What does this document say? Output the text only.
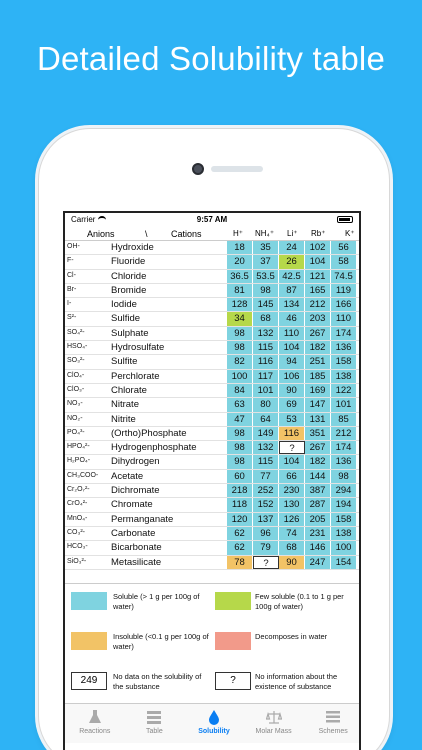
Detailed Solubility table
Carrier	9:57 AM
Anions	\	Cations	H⁺ NH₄⁺ Li⁺ Rb⁺ K⁺
OH-	Hydroxide	18	35	24	102	56
F-	Fluoride	20	37	26	104	58
Cl-	Chloride	36.5 53.5 42.5 121 74.5
Br-	Bromide	81	98	87	165	119
I-	Iodide	128	145	134	212	166
S²-	Sulfide	34	68	46	203	110
SO₄²-	Sulphate	98	132	110	267	174
HSO₄- Hydrosulfate	98	115	104	182	136
SO₃²-	Sulfite	82	116	94	251	158
ClO₄-	Perchlorate	100	117	106	185	138
ClO₃-	Chlorate	84	101	90	169	122
NO₃-	Nitrate	63	80	69	147	101
NO₂-	Nitrite	47	64	53	131	85
PO₄³-	(Ortho)Phosphate	98	149	116	351	212
HPO₄²- Hydrogenphosphate	98	132	?	267	174
H₂PO₄- Dihydrogen	98	115	104	182	136
CH₃COO- Acetate	60	77	66	144	98
Cr₂O₇²- Dichromate	218	252	230	387	294
CrO₄²- Chromate	118	152	130	287	194
MnO₄- Permanganate	120	137	126	205	158
CO₃²-	Carbonate	62	96	74	231	138
HCO₃- Bicarbonate	62	79	68	146	100
SiO₃²-	Metasilicate	78	?	90	247	154
Soluble (> 1 g per 100g of water)
Few soluble (0.1 to 1 g per 100g of water)
Insoluble (<0.1 g per 100g of water)
Decomposes in water
249	No data on the solubility of the substance	?	No information about the existence of substance
Reactions	Table	Solubility	Molar Mass	Schemes
